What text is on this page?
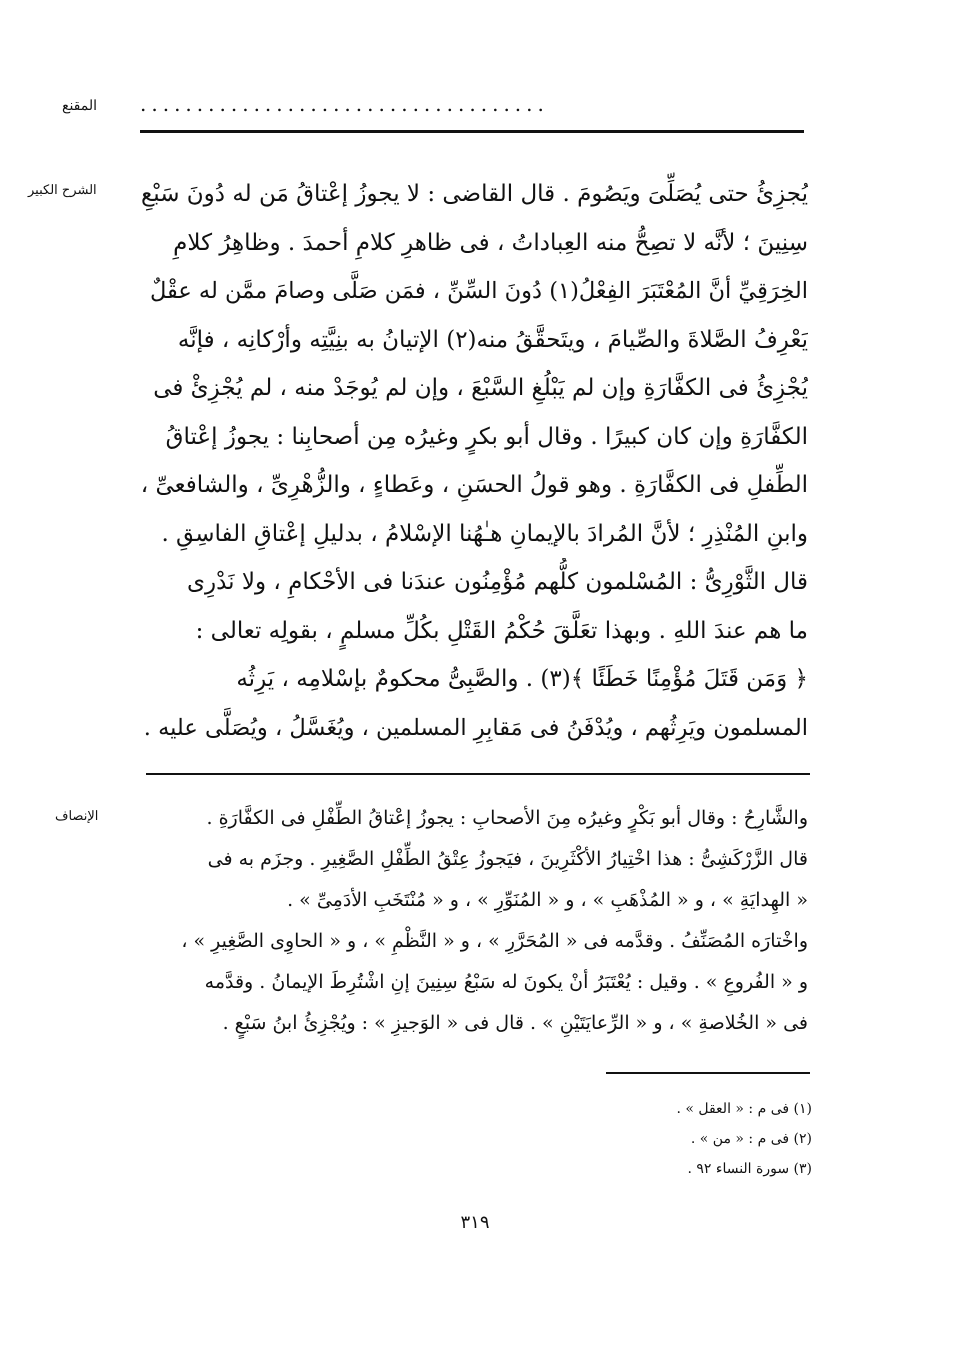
المقنع ....................................
الشرح الكبير يُجزِئُ حتى يُصَلِّىَ ويَصُومَ . قال القاضى : لا يجوزُ إعْتاقُ مَن له دُونَ سَبْعِ
سِنِينَ ؛ لأنَّه لا تصِحُّ منه العِباداتُ ، فى ظاهرِ كلامِ أحمدَ . وظاهِرُ كلامِ
الخِرَقِيِّ أنَّ المُعْتَبَرَ الفِعْلُ(١) دُونَ السِّنِّ ، فمَن صَلَّى وصامَ ممَّن له عقْلٌ
يَعْرِفُ الصَّلاةَ والصِّيامَ ، ويتَحقَّقُ منه(٢) الإتيانُ به بنِيَّتِه وأرْكانِه ، فإنَّه
يُجْزِئُ فى الكفَّارَةِ وإن لم يَبْلُغِ السَّبْعَ ، وإن لم يُوجَدْ منه ، لم يُجْزِئْ فى
الكفَّارَةِ وإن كان كبيرًا . وقال أبو بكرٍ وغيرُه مِن أصحابِنا : يجوزُ إعْتاقُ
الطِّفلِ فى الكفَّارَةِ . وهو قولُ الحسَنِ ، وعَطاءٍ ، والزُّهْرِىِّ ، والشافعىِّ ،
وابنِ المُنْذِرِ ؛ لأنَّ المُرادَ بالإيمانِ هـٰهُنا الإسْلامُ ، بدليلِ إعْتاقِ الفاسِقِ .
قال الثَّوْرِىُّ : المُسْلمون كلُّهم مُؤْمِنُون عندَنا فى الأحْكامِ ، ولا نَدْرِى
ما هم عندَ اللهِ . وبهذا تعَلَّقَ حُكْمُ القَتْلِ بكُلِّ مسلمٍ ، بقولِه تعالى :
﴿ وَمَن قَتَلَ مُؤْمِنًا خَطَئًا ﴾(٣) . والصَّبِىُّ محكومٌ بإسْلامِه ، يَرِثُه
المسلمون ويَرِثُهم ، ويُدْفَنُ فى مَقابِرِ المسلمين ، ويُغَسَّلُ ، ويُصَلَّى عليه .
الإنصاف	والشَّارِحُ : وقال أبو بَكْرٍ وغيرُه مِنَ الأصحابِ : يجوزُ إعْتاقُ الطِّفْلِ فى الكفَّارَةِ .
قال الزَّرْكَشِىُّ : هذا اخْتِيارُ الأكْثَرِينَ ، فيَجوزُ عِتْقُ الطِّفْلِ الصَّغِيرِ . وجزَم به فى
« الهِدايَةِ » ، و « المُذْهَبِ » ، و « المُنَوِّرِ » ، و « مُنْتَخَبِ الأدَمِىِّ » .
واخْتارَه المُصَنِّفُ . وقدَّمه فى « المُحَرَّرِ » ، و « النَّظْمِ » ، و « الحاوِى الصَّغِيرِ » ،
و « الفُروعِ » . وقيل : يُعْتَبَرُ أنْ يكونَ له سَبْعُ سِنِينَ إنِ اشْتُرِطَ الإيمانُ . وقدَّمه
فى « الخُلاصةِ » ، و « الرِّعايَتَيْنِ » . قال فى « الوَجيزِ » : ويُجْزِئُ ابنُ سَبْعٍ .
(١) فى م : « العقل » .
(٢) فى م : « من » .
(٣) سورة النساء ٩٢ .
٣١٩
